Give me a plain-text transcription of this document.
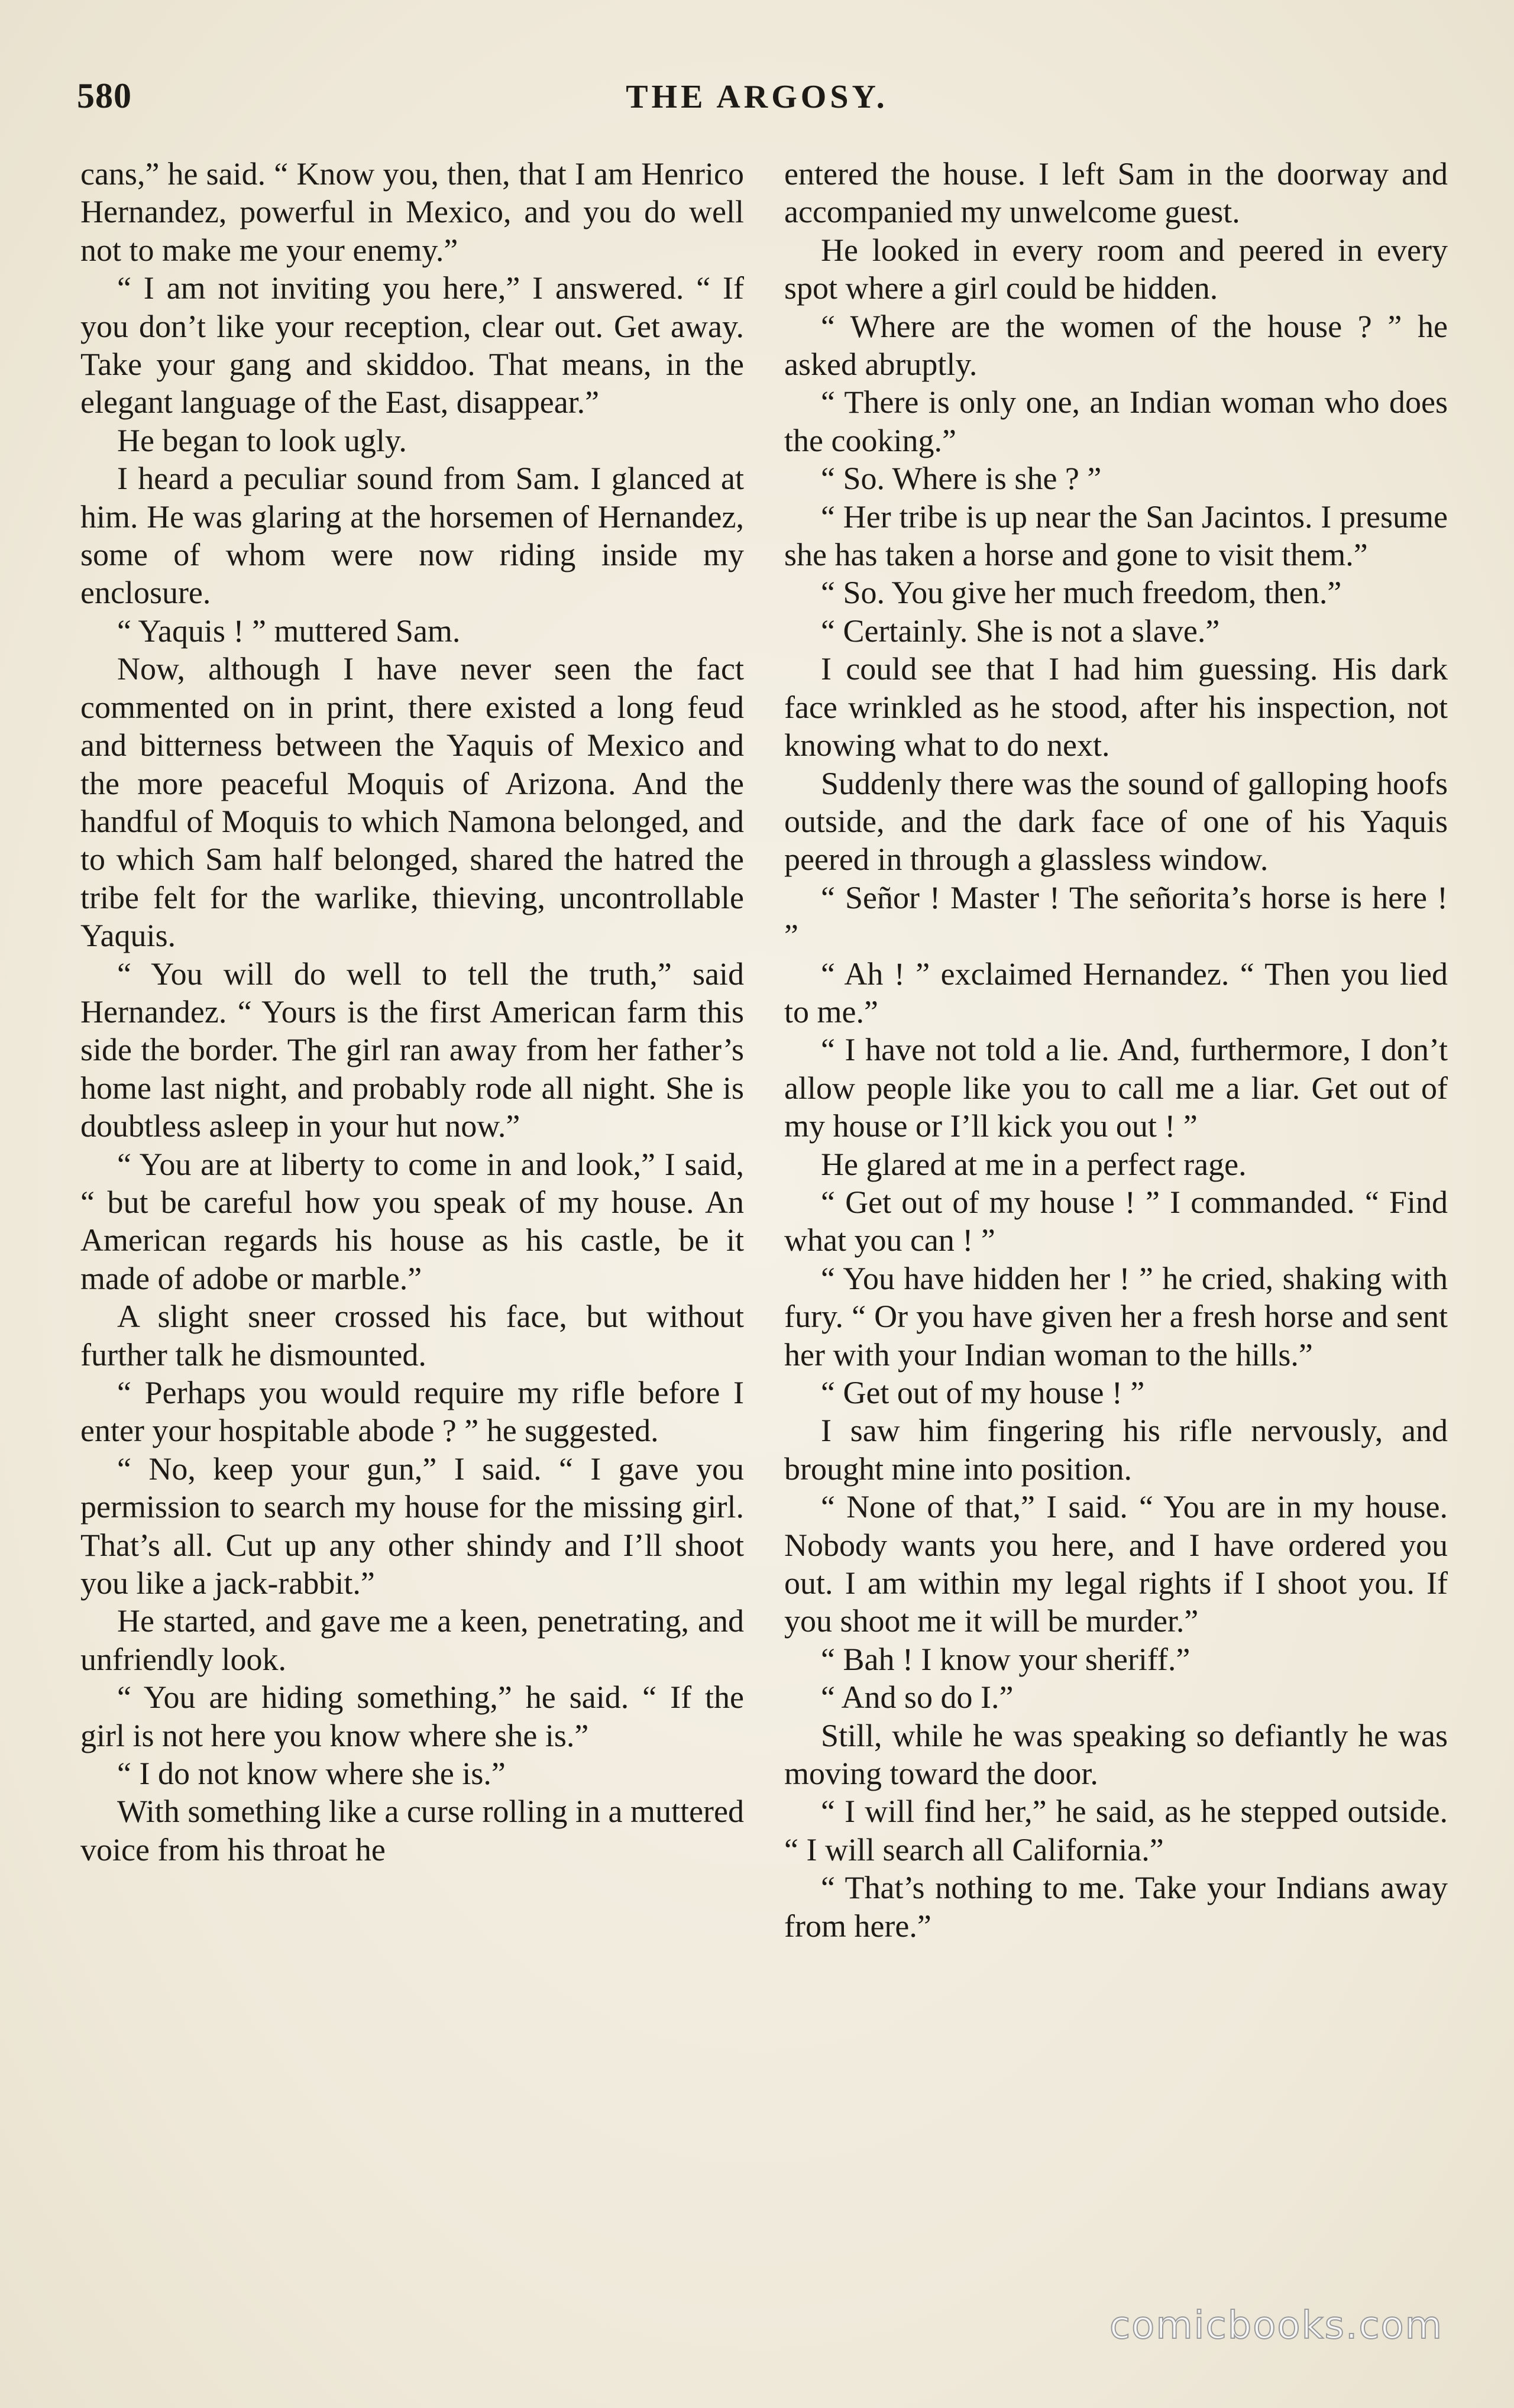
580	THE ARGOSY.

cans,” he said. “ Know you, then, that I am Henrico Hernandez, powerful in Mexico, and you do well not to make me your enemy.”

“ I am not inviting you here,” I answered. “ If you don’t like your reception, clear out. Get away. Take your gang and skiddoo. That means, in the elegant language of the East, disappear.”

He began to look ugly.

I heard a peculiar sound from Sam. I glanced at him. He was glaring at the horsemen of Hernandez, some of whom were now riding inside my enclosure.

“ Yaquis ! ” muttered Sam.

Now, although I have never seen the fact commented on in print, there existed a long feud and bitterness between the Yaquis of Mexico and the more peaceful Moquis of Arizona. And the handful of Moquis to which Namona belonged, and to which Sam half belonged, shared the hatred the tribe felt for the warlike, thieving, uncontrollable Yaquis.

“ You will do well to tell the truth,” said Hernandez. “ Yours is the first American farm this side the border. The girl ran away from her father’s home last night, and probably rode all night. She is doubtless asleep in your hut now.”

“ You are at liberty to come in and look,” I said, “ but be careful how you speak of my house. An American regards his house as his castle, be it made of adobe or marble.”

A slight sneer crossed his face, but without further talk he dismounted.

“ Perhaps you would require my rifle before I enter your hospitable abode ? ” he suggested.

“ No, keep your gun,” I said. “ I gave you permission to search my house for the missing girl. That’s all. Cut up any other shindy and I’ll shoot you like a jack-rabbit.”

He started, and gave me a keen, penetrating, and unfriendly look.

“ You are hiding something,” he said. “ If the girl is not here you know where she is.”

“ I do not know where she is.”

With something like a curse rolling in a muttered voice from his throat he

entered the house. I left Sam in the doorway and accompanied my unwelcome guest.

He looked in every room and peered in every spot where a girl could be hidden.

“ Where are the women of the house ? ” he asked abruptly.

“ There is only one, an Indian woman who does the cooking.”

“ So. Where is she ? ”

“ Her tribe is up near the San Jacintos. I presume she has taken a horse and gone to visit them.”

“ So. You give her much freedom, then.”

“ Certainly. She is not a slave.”

I could see that I had him guessing. His dark face wrinkled as he stood, after his inspection, not knowing what to do next.

Suddenly there was the sound of galloping hoofs outside, and the dark face of one of his Yaquis peered in through a glassless window.

“ Señor ! Master ! The señorita’s horse is here ! ”

“ Ah ! ” exclaimed Hernandez. “ Then you lied to me.”

“ I have not told a lie. And, furthermore, I don’t allow people like you to call me a liar. Get out of my house or I’ll kick you out ! ”

He glared at me in a perfect rage.

“ Get out of my house ! ” I commanded. “ Find what you can ! ”

“ You have hidden her ! ” he cried, shaking with fury. “ Or you have given her a fresh horse and sent her with your Indian woman to the hills.”

“ Get out of my house ! ”

I saw him fingering his rifle nervously, and brought mine into position.

“ None of that,” I said. “ You are in my house. Nobody wants you here, and I have ordered you out. I am within my legal rights if I shoot you. If you shoot me it will be murder.”

“ Bah ! I know your sheriff.”

“ And so do I.”

Still, while he was speaking so defiantly he was moving toward the door.

“ I will find her,” he said, as he stepped outside. “ I will search all California.”

“ That’s nothing to me. Take your Indians away from here.”

comicbooks.com
